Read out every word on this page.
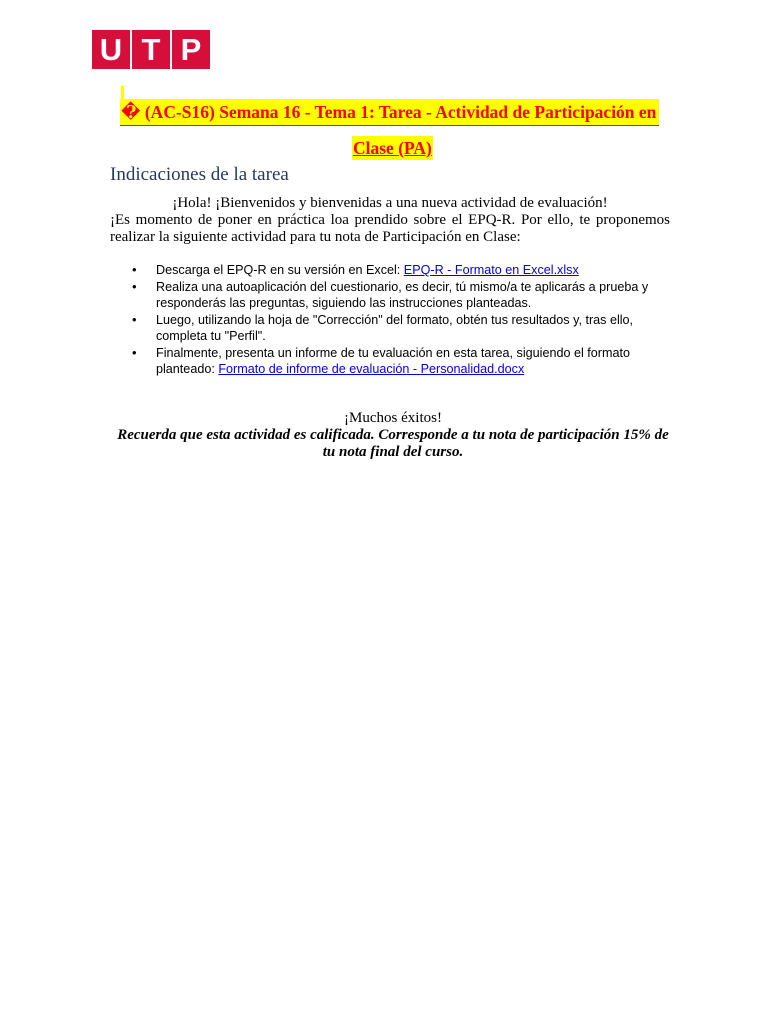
U T P
� (AC-S16) Semana 16 - Tema 1: Tarea - Actividad de Participación en
Clase (PA)
Indicaciones de la tarea
¡Hola! ¡Bienvenidos y bienvenidas a una nueva actividad de evaluación!
¡Es momento de poner en práctica loa prendido sobre el EPQ-R. Por ello, te proponemos realizar la siguiente actividad para tu nota de Participación en Clase:
• Descarga el EPQ-R en su versión en Excel: EPQ-R - Formato en Excel.xlsx
• Realiza una autoaplicación del cuestionario, es decir, tú mismo/a te aplicarás a prueba y responderás las preguntas, siguiendo las instrucciones planteadas.
• Luego, utilizando la hoja de "Corrección" del formato, obtén tus resultados y, tras ello, completa tu "Perfil".
• Finalmente, presenta un informe de tu evaluación en esta tarea, siguiendo el formato planteado: Formato de informe de evaluación - Personalidad.docx
¡Muchos éxitos!
Recuerda que esta actividad es calificada. Corresponde a tu nota de participación 15% de tu nota final del curso.
